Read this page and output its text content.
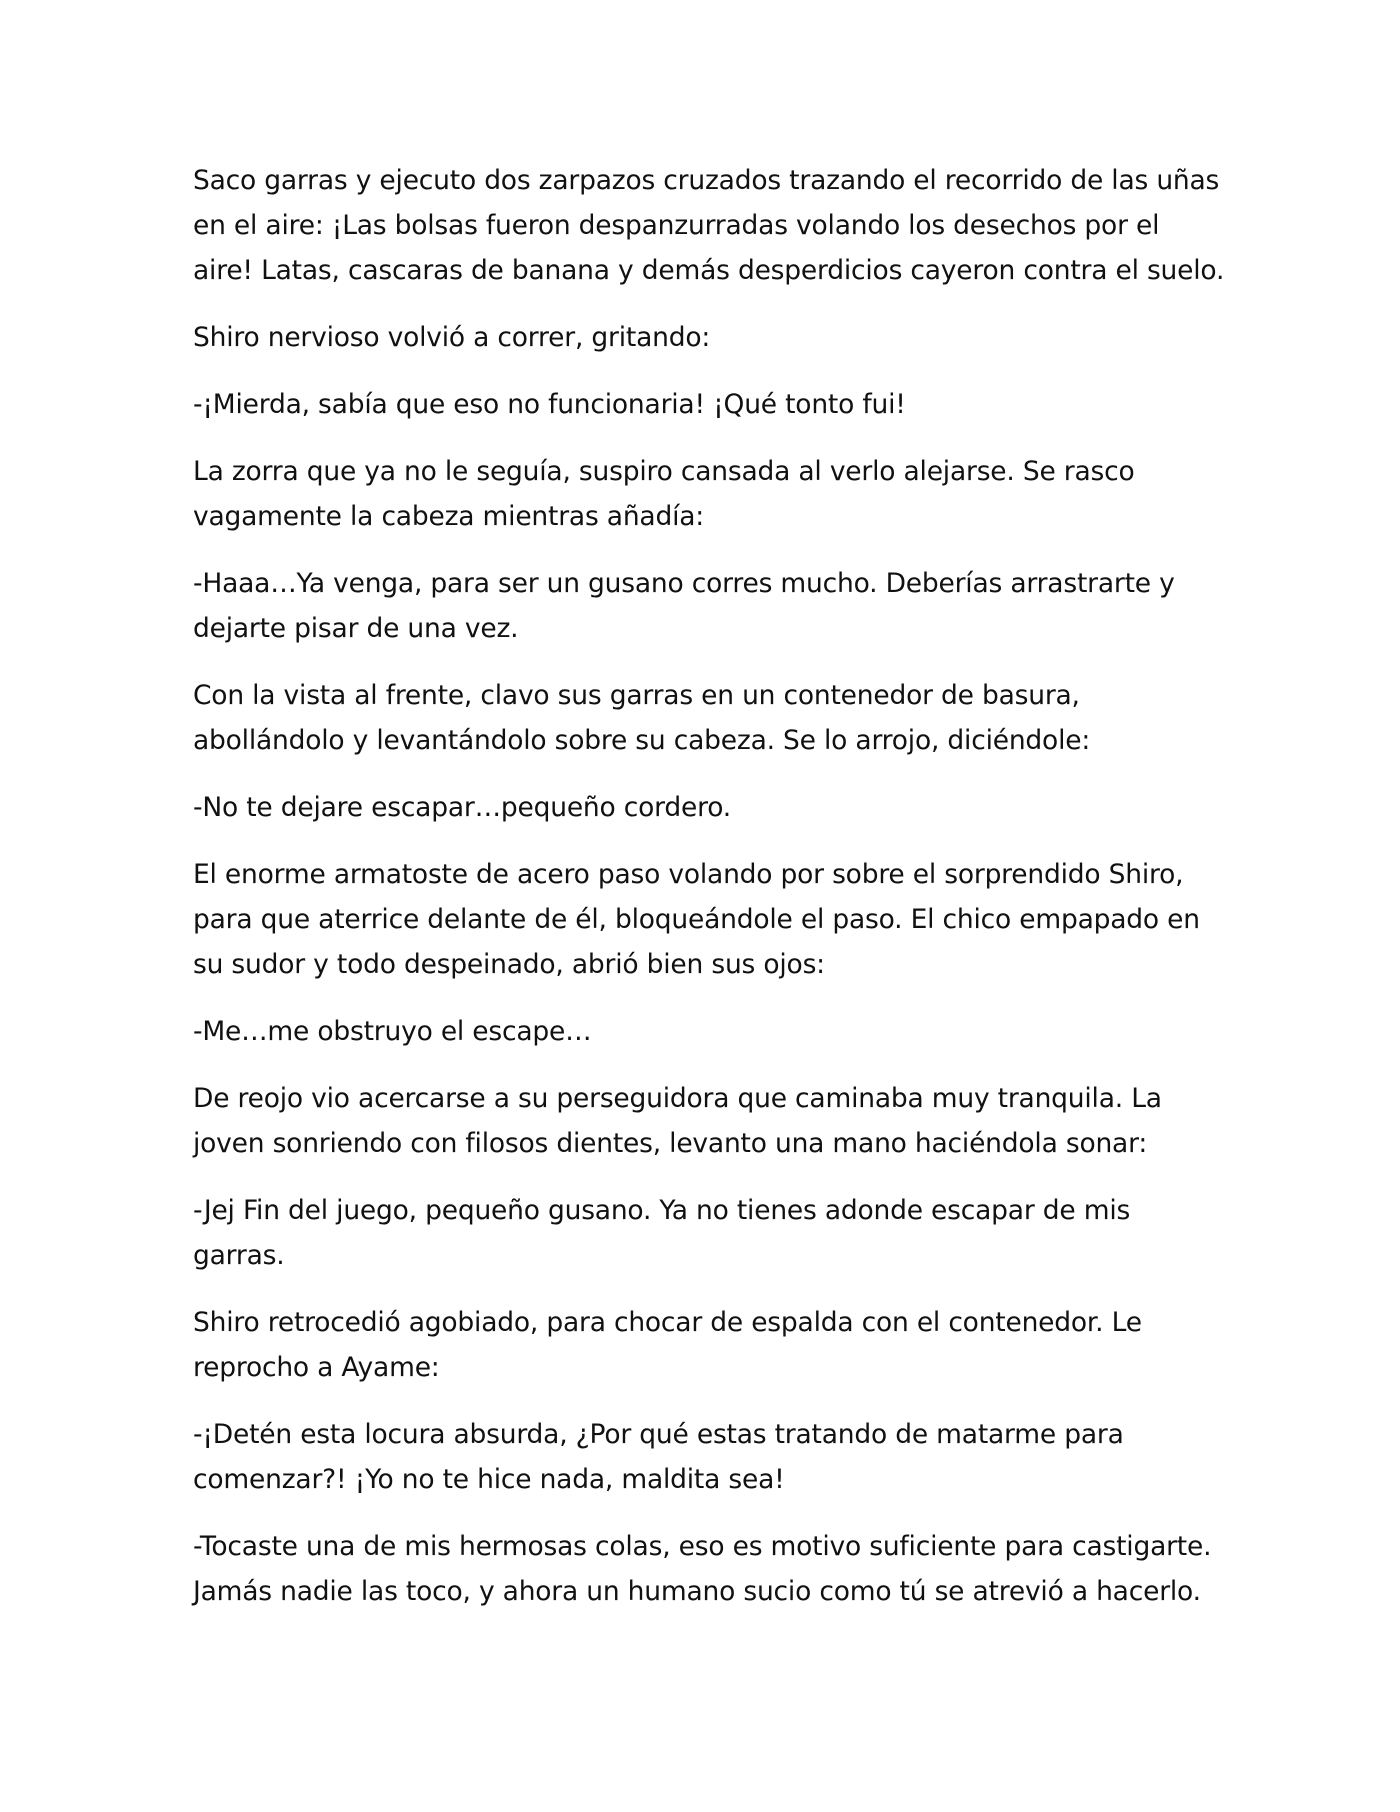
Saco garras y ejecuto dos zarpazos cruzados trazando el recorrido de las uñas
en el aire: ¡Las bolsas fueron despanzurradas volando los desechos por el
aire! Latas, cascaras de banana y demás desperdicios cayeron contra el suelo.

Shiro nervioso volvió a correr, gritando:

-¡Mierda, sabía que eso no funcionaria! ¡Qué tonto fui!

La zorra que ya no le seguía, suspiro cansada al verlo alejarse. Se rasco
vagamente la cabeza mientras añadía:

-Haaa…Ya venga, para ser un gusano corres mucho. Deberías arrastrarte y
dejarte pisar de una vez.

Con la vista al frente, clavo sus garras en un contenedor de basura,
abollándolo y levantándolo sobre su cabeza. Se lo arrojo, diciéndole:

-No te dejare escapar…pequeño cordero.

El enorme armatoste de acero paso volando por sobre el sorprendido Shiro,
para que aterrice delante de él, bloqueándole el paso. El chico empapado en
su sudor y todo despeinado, abrió bien sus ojos:

-Me…me obstruyo el escape…

De reojo vio acercarse a su perseguidora que caminaba muy tranquila. La
joven sonriendo con filosos dientes, levanto una mano haciéndola sonar:

-Jej Fin del juego, pequeño gusano. Ya no tienes adonde escapar de mis
garras.

Shiro retrocedió agobiado, para chocar de espalda con el contenedor. Le
reprocho a Ayame:

-¡Detén esta locura absurda, ¿Por qué estas tratando de matarme para
comenzar?! ¡Yo no te hice nada, maldita sea!

-Tocaste una de mis hermosas colas, eso es motivo suficiente para castigarte.
Jamás nadie las toco, y ahora un humano sucio como tú se atrevió a hacerlo.
